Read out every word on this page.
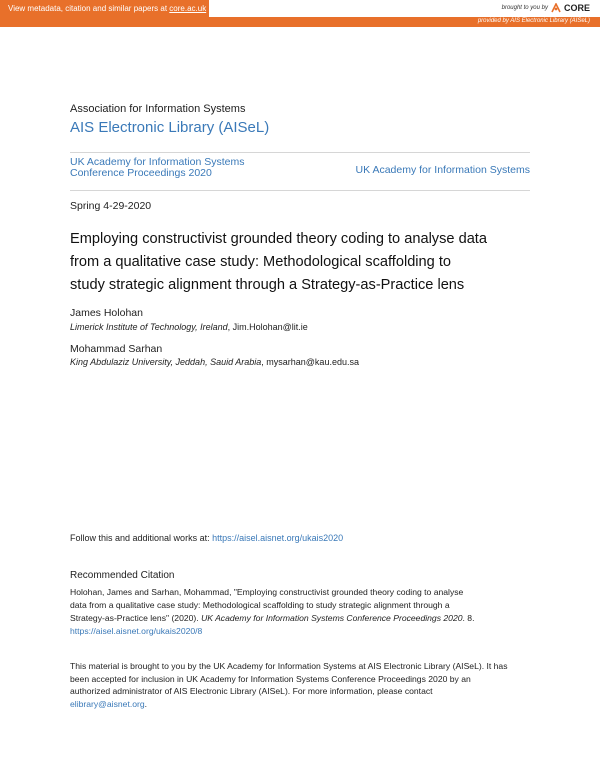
View metadata, citation and similar papers at core.ac.uk	brought to you by CORE
provided by AIS Electronic Library (AISeL)
Association for Information Systems
AIS Electronic Library (AISeL)
UK Academy for Information Systems
Conference Proceedings 2020	UK Academy for Information Systems
Spring 4-29-2020
Employing constructivist grounded theory coding to analyse data
from a qualitative case study: Methodological scaffolding to
study strategic alignment through a Strategy-as-Practice lens
James Holohan
Limerick Institute of Technology, Ireland, Jim.Holohan@lit.ie
Mohammad Sarhan
King Abdulaziz University, Jeddah, Sauid Arabia, mysarhan@kau.edu.sa
Follow this and additional works at: https://aisel.aisnet.org/ukais2020
Recommended Citation
Holohan, James and Sarhan, Mohammad, "Employing constructivist grounded theory coding to analyse
data from a qualitative case study: Methodological scaffolding to study strategic alignment through a
Strategy-as-Practice lens" (2020). UK Academy for Information Systems Conference Proceedings 2020. 8.
https://aisel.aisnet.org/ukais2020/8
This material is brought to you by the UK Academy for Information Systems at AIS Electronic Library (AISeL). It has
been accepted for inclusion in UK Academy for Information Systems Conference Proceedings 2020 by an
authorized administrator of AIS Electronic Library (AISeL). For more information, please contact
elibrary@aisnet.org.
